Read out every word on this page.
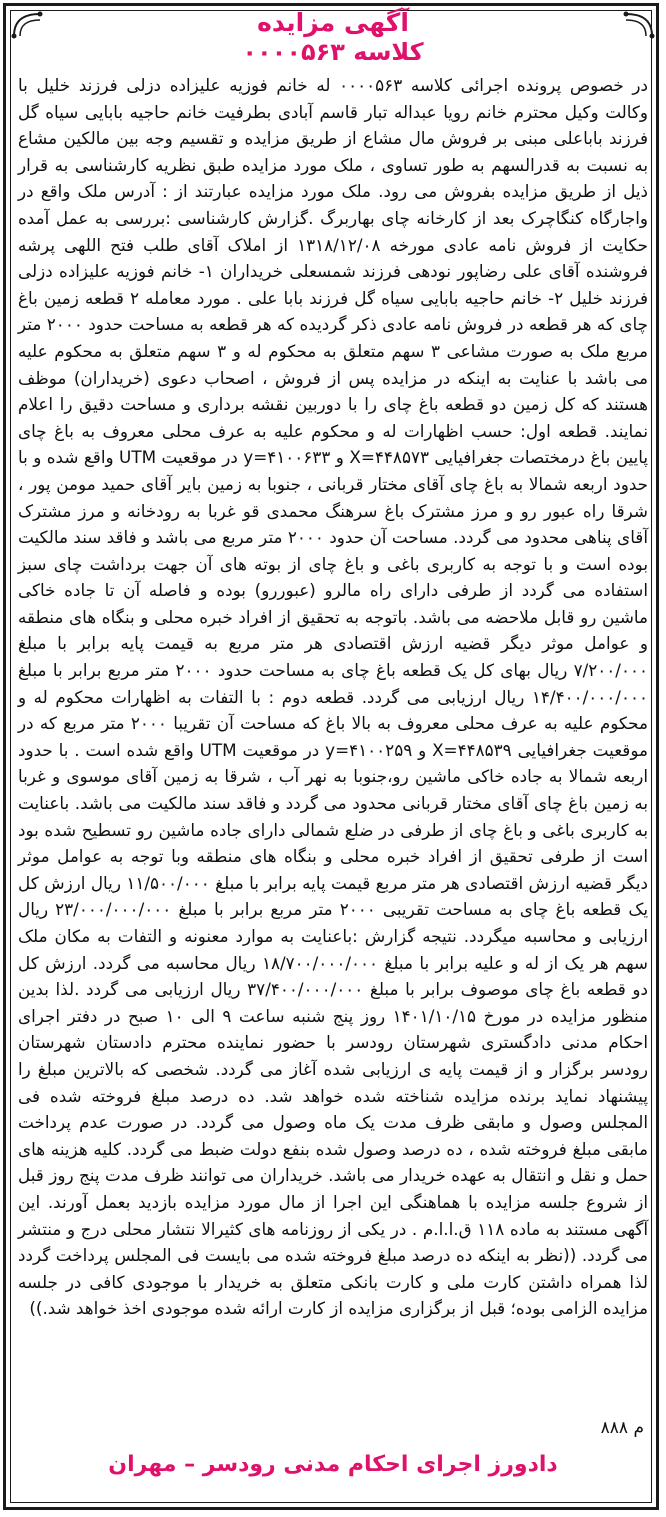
آگهی مزایده
کلاسه ۰۰۰۰۵۶۳
در خصوص پرونده اجرائی کلاسه ۰۰۰۰۵۶۳ له خانم فوزیه علیزاده دزلی فرزند خلیل با وکالت وکیل محترم خانم رویا عبداله تبار قاسم آبادی بطرفیت خانم حاجیه بابایی سیاه گل فرزند باباعلی مبنی بر فروش مال مشاع از طریق مزایده و تقسیم وجه بین مالکین مشاع به نسبت به قدرالسهم به طور تساوی ، ملک مورد مزایده طبق نظریه کارشناسی به قرار ذیل از طریق مزایده بفروش می رود. ملک مورد مزایده عبارتند از : آدرس ملک واقع در واجارگاه کنگاچرک بعد از کارخانه چای بهاربرگ .گزارش کارشناسی :بررسی به عمل آمده حکایت از فروش نامه عادی مورخه ۱۳۱۸/۱۲/۰۸ از املاک آقای طلب فتح اللهی پرشه فروشنده آقای علی رضاپور نودهی فرزند شمسعلی خریداران ۱- خانم فوزیه علیزاده دزلی فرزند خلیل ۲- خانم حاجیه بابایی سیاه گل فرزند بابا علی . مورد معامله ۲ قطعه زمین باغ چای که هر قطعه در فروش نامه عادی ذکر گردیده که هر قطعه به مساحت حدود ۲۰۰۰ متر مربع ملک به صورت مشاعی ۳ سهم متعلق به محکوم له و ۳ سهم متعلق به محکوم علیه می باشد با عنایت به اینکه در مزایده پس از فروش ، اصحاب دعوی (خریداران) موظف هستند که کل زمین دو قطعه باغ چای را با دوربین نقشه برداری و مساحت دقیق را اعلام نمایند. قطعه اول: حسب اظهارات له و محکوم علیه به عرف محلی معروف به باغ چای پایین باغ درمختصات جغرافیایی X=۴۴۸۵۷۳ و y=۴۱۰۰۶۳۳ در موقعیت UTM واقع شده و با حدود اربعه شمالا به باغ چای آقای مختار قربانی ، جنوبا به زمین بایر آقای حمید مومن پور ، شرقا راه عبور رو و مرز مشترک باغ سرهنگ محمدی قو غربا به رودخانه و مرز مشترک آقای پناهی محدود می گردد. مساحت آن حدود ۲۰۰۰ متر مربع می باشد و فاقد سند مالکیت بوده است و با توجه به کاربری باغی و باغ چای از بوته های آن جهت برداشت چای سبز استفاده می گردد از طرفی دارای راه مالرو (عبوررو) بوده و فاصله آن تا جاده خاکی ماشین رو قابل ملاحضه می باشد. باتوجه به تحقیق از افراد خبره محلی و بنگاه های منطقه و عوامل موثر دیگر قضیه ارزش اقتصادی هر متر مربع به قیمت پایه برابر با مبلغ ۷/۲۰۰/۰۰۰ ریال بهای کل یک قطعه باغ چای به مساحت حدود ۲۰۰۰ متر مربع برابر با مبلغ ۱۴/۴۰۰/۰۰۰/۰۰۰ ریال ارزیابی می گردد. قطعه دوم : با التفات به اظهارات محکوم له و محکوم علیه به عرف محلی معروف به بالا باغ که مساحت آن تقریبا ۲۰۰۰ متر مربع که در موقعیت جغرافیایی X=۴۴۸۵۳۹ و y=۴۱۰۰۲۵۹ در موقعیت UTM واقع شده است . با حدود اربعه شمالا به جاده خاکی ماشین رو،جنوبا به نهر آب ، شرقا به زمین آقای موسوی و غربا به زمین باغ چای آقای مختار قربانی محدود می گردد و فاقد سند مالکیت می باشد. باعنایت به کاربری باغی و باغ چای از طرفی در ضلع شمالی دارای جاده ماشین رو تسطیح شده بود است از طرفی تحقیق از افراد خبره محلی و بنگاه های منطقه وبا توجه به عوامل موثر دیگر قضیه ارزش اقتصادی هر متر مربع قیمت پایه برابر با مبلغ ۱۱/۵۰۰/۰۰۰ ریال ارزش کل یک قطعه باغ چای به مساحت تقریبی ۲۰۰۰ متر مربع برابر با مبلغ ۲۳/۰۰۰/۰۰۰/۰۰۰ ریال ارزیابی و محاسبه میگردد. نتیجه گزارش :باعنایت به موارد معنونه و التفات به مکان ملک سهم هر یک از له و علیه برابر با مبلغ ۱۸/۷۰۰/۰۰۰/۰۰۰ ریال محاسبه می گردد. ارزش کل دو قطعه باغ چای موصوف برابر با مبلغ ۳۷/۴۰۰/۰۰۰/۰۰۰ ریال ارزیابی می گردد .لذا بدین منظور مزایده در مورخ ۱۴۰۱/۱۰/۱۵ روز پنج شنبه ساعت ۹ الی ۱۰ صبح در دفتر اجرای احکام مدنی دادگستری شهرستان رودسر با حضور نماینده محترم دادستان شهرستان رودسر برگزار و از قیمت پایه ی ارزیابی شده آغاز می گردد. شخصی که بالاترین مبلغ را پیشنهاد نماید برنده مزایده شناخته شده خواهد شد. ده درصد مبلغ فروخته شده فی المجلس وصول و مابقی ظرف مدت یک ماه وصول می گردد. در صورت عدم پرداخت مابقی مبلغ فروخته شده ، ده درصد وصول شده بنفع دولت ضبط می گردد. کلیه هزینه های حمل و نقل و انتقال به عهده خریدار می باشد. خریداران می توانند ظرف مدت پنج روز قبل از شروع جلسه مزایده با هماهنگی این اجرا از مال مورد مزایده بازدید بعمل آورند. این آگهی مستند به ماده ۱۱۸ ق.ا.ا.م . در یکی از روزنامه های کثیرالا نتشار محلی درج و منتشر می گردد. ((نظر به اینکه ده درصد مبلغ فروخته شده می بایست فی المجلس پرداخت گردد لذا همراه داشتن کارت ملی و کارت بانکی متعلق به خریدار با موجودی کافی در جلسه مزایده الزامی بوده؛ قبل از برگزاری مزایده از کارت ارائه شده موجودی اخذ خواهد شد.))
م ۸۸۸
دادورز اجرای احکام مدنی رودسر – مهران
